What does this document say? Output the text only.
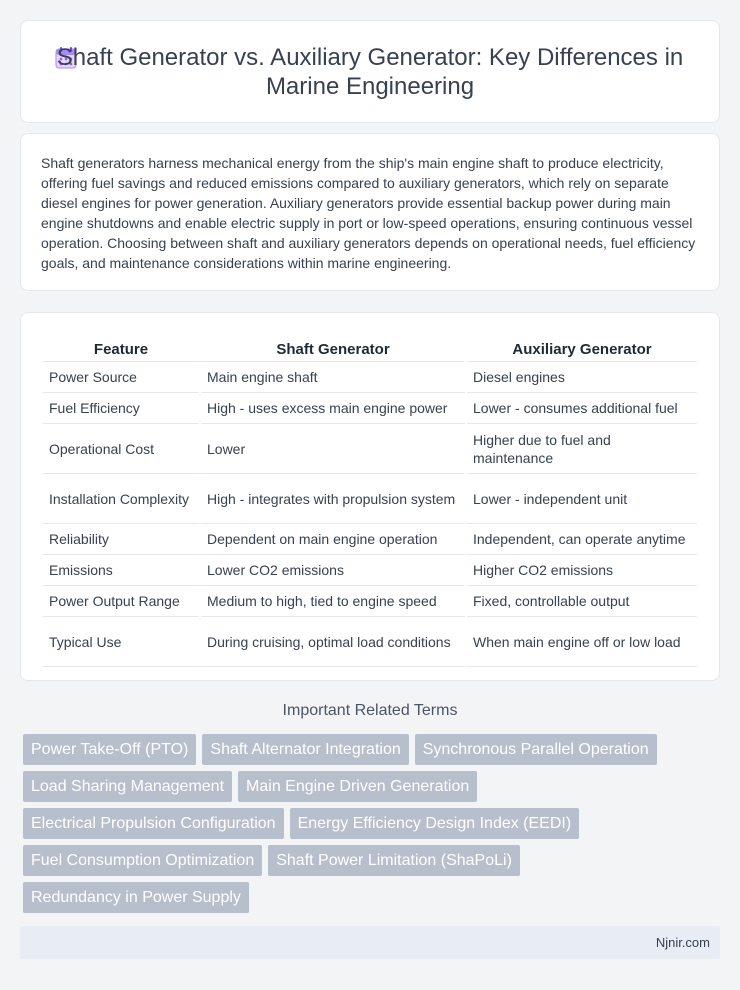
Shaft Generator vs. Auxiliary Generator: Key Differences in Marine Engineering

Shaft generators harness mechanical energy from the ship's main engine shaft to produce electricity, offering fuel savings and reduced emissions compared to auxiliary generators, which rely on separate diesel engines for power generation. Auxiliary generators provide essential backup power during main engine shutdowns and enable electric supply in port or low-speed operations, ensuring continuous vessel operation. Choosing between shaft and auxiliary generators depends on operational needs, fuel efficiency goals, and maintenance considerations within marine engineering.

Feature	Shaft Generator	Auxiliary Generator
Power Source	Main engine shaft	Diesel engines
Fuel Efficiency	High - uses excess main engine power	Lower - consumes additional fuel
Operational Cost	Lower	Higher due to fuel and maintenance
Installation Complexity	High - integrates with propulsion system	Lower - independent unit
Reliability	Dependent on main engine operation	Independent, can operate anytime
Emissions	Lower CO2 emissions	Higher CO2 emissions
Power Output Range	Medium to high, tied to engine speed	Fixed, controllable output
Typical Use	During cruising, optimal load conditions	When main engine off or low load
Important Related Terms
Power Take-Off (PTO) Shaft Alternator Integration Synchronous Parallel Operation
Load Sharing Management Main Engine Driven Generation
Electrical Propulsion Configuration Energy Efficiency Design Index (EEDI)
Fuel Consumption Optimization Shaft Power Limitation (ShaPoLi)
Redundancy in Power Supply
Njnir.com
